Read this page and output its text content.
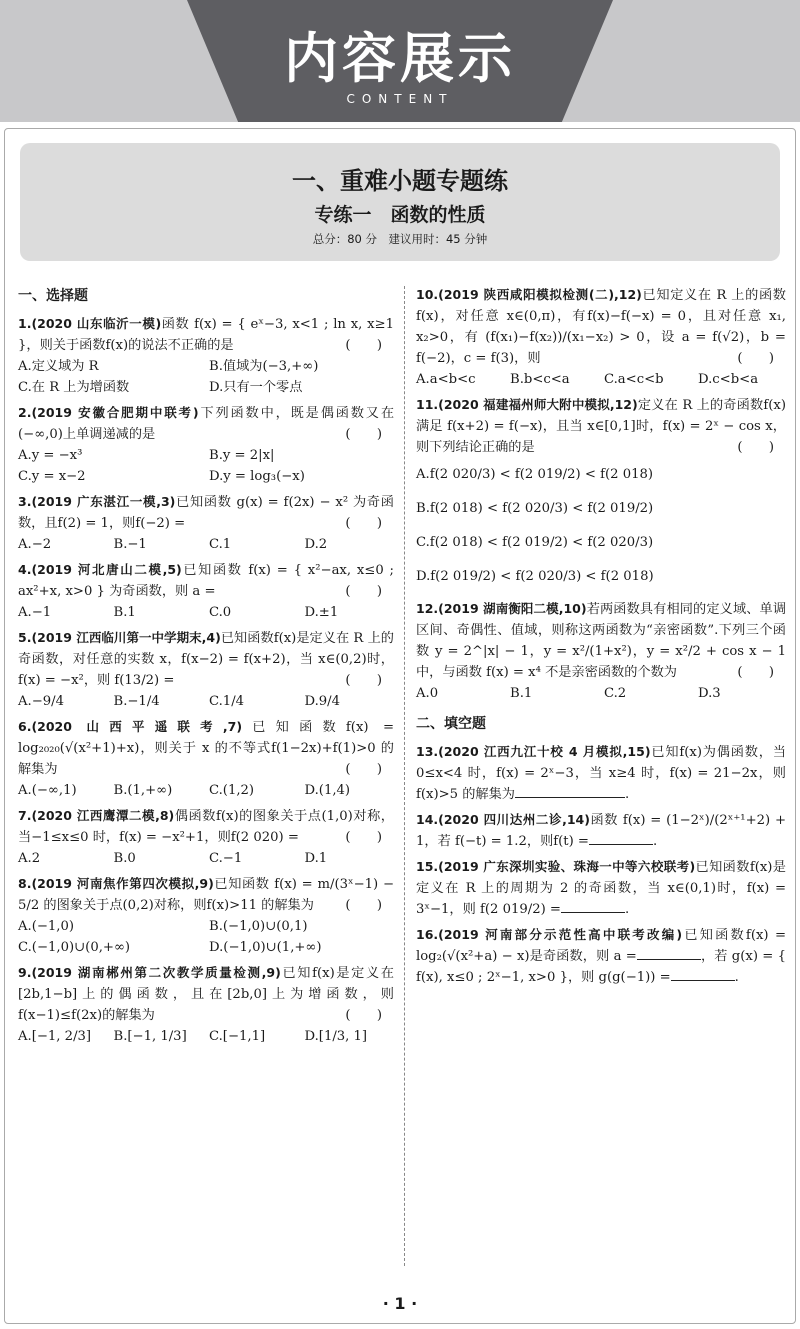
内容展示
CONTENT
一、重难小题专题练
专练一　函数的性质
总分：80 分　建议用时：45 分钟
一、选择题
1.(2020 山东临沂一模)函数 f(x) = { eˣ−3, x<1 ; ln x, x≥1 }，则关于函数f(x)的说法不正确的是	(　　)
A.定义域为 R	B.值域为(−3,+∞)
C.在 R 上为增函数	D.只有一个零点
2.(2019 安徽合肥期中联考)下列函数中，既是偶函数又在(−∞,0)上单调递减的是	(　　)
A.y = −x³	B.y = 2|x|
C.y = x−2	D.y = log₃(−x)
3.(2019 广东湛江一模,3)已知函数 g(x) = f(2x) − x² 为奇函数，且f(2) = 1，则f(−2) =	(　　)
A.−2	B.−1	C.1	D.2
4.(2019 河北唐山二模,5)已知函数 f(x) = { x²−ax, x≤0 ; ax²+x, x>0 } 为奇函数，则 a =	(　　)
A.−1	B.1	C.0	D.±1
5.(2019 江西临川第一中学期末,4)已知函数f(x)是定义在 R 上的奇函数，对任意的实数 x，f(x−2) = f(x+2)，当 x∈(0,2)时，f(x) = −x²，则 f(13/2) =	(　　)
A.−9/4	B.−1/4	C.1/4	D.9/4
6.(2020 山西平遥联考,7)已知函数f(x) = log₂₀₂₀(√(x²+1)+x)，则关于 x 的不等式f(1−2x)+f(1)>0 的解集为	(　　)
A.(−∞,1)	B.(1,+∞)	C.(1,2)	D.(1,4)
7.(2020 江西鹰潭二模,8)偶函数f(x)的图象关于点(1,0)对称，当−1≤x≤0 时，f(x) = −x²+1，则f(2 020) =	(　　)
A.2	B.0	C.−1	D.1
8.(2019 河南焦作第四次模拟,9)已知函数 f(x) = m/(3ˣ−1) − 5/2 的图象关于点(0,2)对称，则f(x)>11 的解集为 (　　)
A.(−1,0)	B.(−1,0)∪(0,1)
C.(−1,0)∪(0,+∞)	D.(−1,0)∪(1,+∞)
9.(2019 湖南郴州第二次教学质量检测,9)已知f(x)是定义在[2b,1−b]上的偶函数，且在[2b,0]上为增函数，则f(x−1)≤f(2x)的解集为	(　　)
A.[−1, 2/3]	B.[−1, 1/3]	C.[−1,1]	D.[1/3, 1]
10.(2019 陕西咸阳模拟检测(二),12)已知定义在 R 上的函数f(x)，对任意 x∈(0,π)，有f(x)−f(−x) = 0，且对任意 x₁, x₂>0，有 (f(x₁)−f(x₂))/(x₁−x₂) > 0，设 a = f(√2)，b = f(−2)，c = f(3)，则	(　　)
A.a<b<c	B.b<c<a	C.a<c<b	D.c<b<a
11.(2020 福建福州师大附中模拟,12)定义在 R 上的奇函数f(x)满足 f(x+2) = f(−x)，且当 x∈[0,1]时，f(x) = 2ˣ − cos x，则下列结论正确的是	(　　)
A.f(2 020/3) < f(2 019/2) < f(2 018)
B.f(2 018) < f(2 020/3) < f(2 019/2)
C.f(2 018) < f(2 019/2) < f(2 020/3)
D.f(2 019/2) < f(2 020/3) < f(2 018)
12.(2019 湖南衡阳二模,10)若两函数具有相同的定义域、单调区间、奇偶性、值域，则称这两函数为“亲密函数”.下列三个函数 y = 2^|x| − 1，y = x²/(1+x²)，y = x²/2 + cos x − 1 中，与函数 f(x) = x⁴ 不是亲密函数的个数为	(　　)
A.0	B.1	C.2	D.3
二、填空题
13.(2020 江西九江十校 4 月模拟,15)已知f(x)为偶函数，当 0≤x<4 时，f(x) = 2ˣ−3，当 x≥4 时，f(x) = 21−2x，则f(x)>5 的解集为	.
14.(2020 四川达州二诊,14)函数 f(x) = (1−2ˣ)/(2ˣ⁺¹+2) + 1，若 f(−t) = 1.2，则f(t) =	.
15.(2019 广东深圳实验、珠海一中等六校联考)已知函数f(x)是定义在 R 上的周期为 2 的奇函数，当 x∈(0,1)时，f(x) = 3ˣ−1，则 f(2 019/2) =	.
16.(2019 河南部分示范性高中联考改编)已知函数f(x) = log₂(√(x²+a) − x)是奇函数，则 a =	，若 g(x) = { f(x), x≤0 ; 2ˣ−1, x>0 }，则 g(g(−1)) =	.
· 1 ·
